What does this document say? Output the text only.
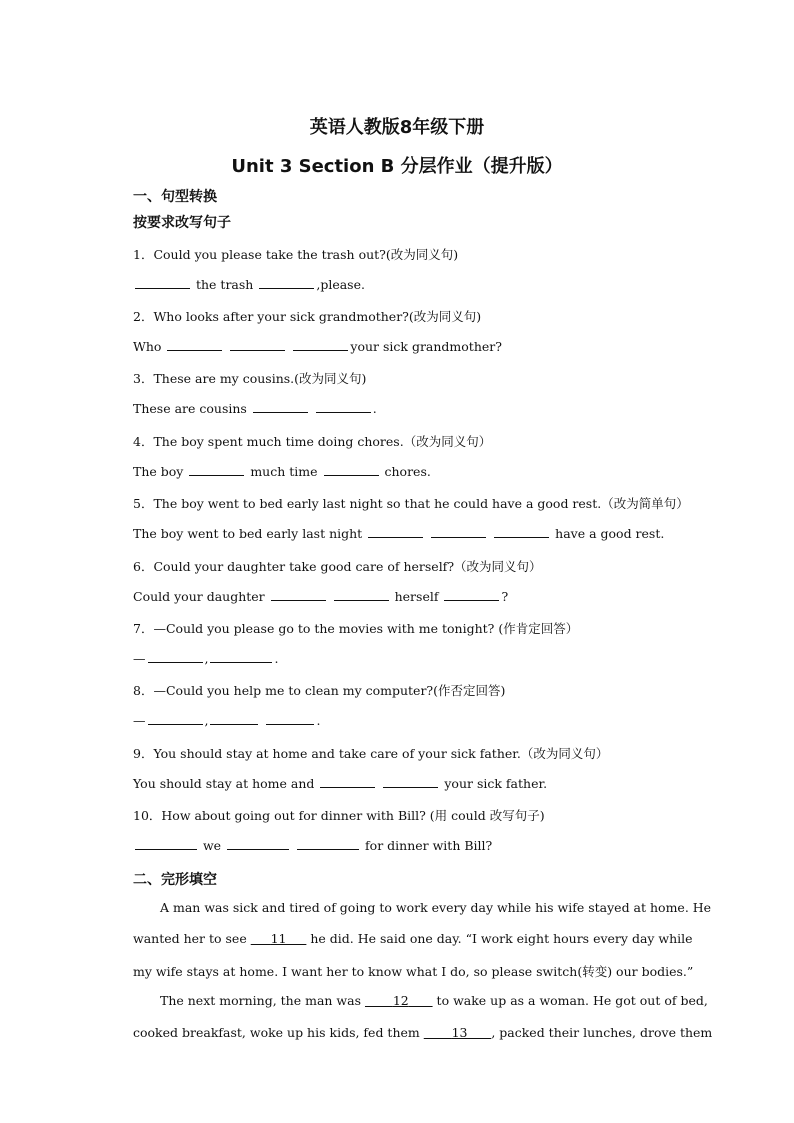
英语人教版8年级下册
Unit 3 Section B 分层作业（提升版）
一、句型转换
按要求改写句子
1．Could you please take the trash out?(改为同义句)
the trash	,please.
2．Who looks after your sick grandmother?(改为同义句)
Who	your sick grandmother?
3．These are my cousins.(改为同义句)
These are cousins	.
4．The boy spent much time doing chores.（改为同义句）
The boy	much time	chores.
5．The boy went to bed early last night so that he could have a good rest.（改为简单句）
The boy went to bed early last night	have a good rest.
6．Could your daughter take good care of herself?（改为同义句）
Could your daughter	herself	?
7．—Could you please go to the movies with me tonight? (作肯定回答）
—	,	.
8．—Could you help me to clean my computer?(作否定回答)
—	,	.
9．You should stay at home and take care of your sick father.（改为同义句）
You should stay at home and	your sick father.
10．How about going out for dinner with Bill? (用 could 改写句子)
we	for dinner with Bill?
二、完形填空
A man was sick and tired of going to work every day while his wife stayed at home. He
wanted her to see 11 he did. He said one day. “I work eight hours every day while
my wife stays at home. I want her to know what I do, so please switch(转变) our bodies.”
The next morning, the man was	12 to wake up as a woman. He got out of bed,
cooked breakfast, woke up his kids, fed them	13 , packed their lunches, drove them
